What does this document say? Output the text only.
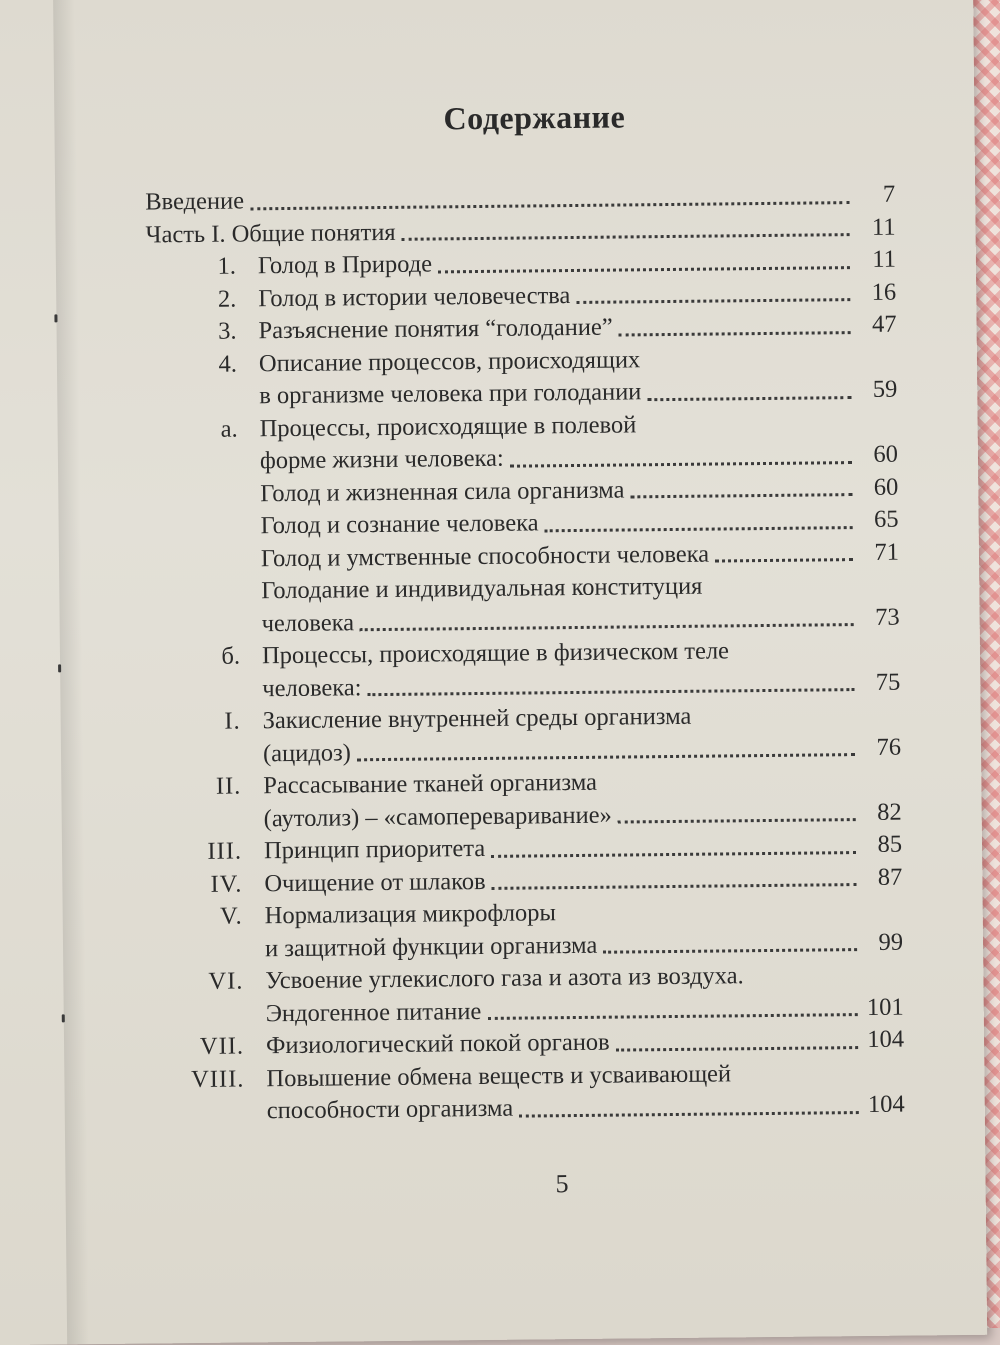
Содержание
Введение	7
Часть I. Общие понятия	11
1. Голод в Природе	11
2. Голод в истории человечества	16
3. Разъяснение понятия “голодание”	47
4. Описание процессов, происходящих
в организме человека при голодании	59
а. Процессы, происходящие в полевой
форме жизни человека:	60
Голод и жизненная сила организма	60
Голод и сознание человека	65
Голод и умственные способности человека	71
Голодание и индивидуальная конституция
человека	73
б. Процессы, происходящие в физическом теле
человека:	75
I. Закисление внутренней среды организма
(ацидоз)	76
II. Рассасывание тканей организма
(аутолиз) – «самопереваривание»	82
III. Принцип приоритета	85
IV. Очищение от шлаков	87
V. Нормализация микрофлоры
и защитной функции организма	99
VI. Усвоение углекислого газа и азота из воздуха.
Эндогенное питание	101
VII. Физиологический покой органов	104
VIII. Повышение обмена веществ и усваивающей
способности организма	104
5
